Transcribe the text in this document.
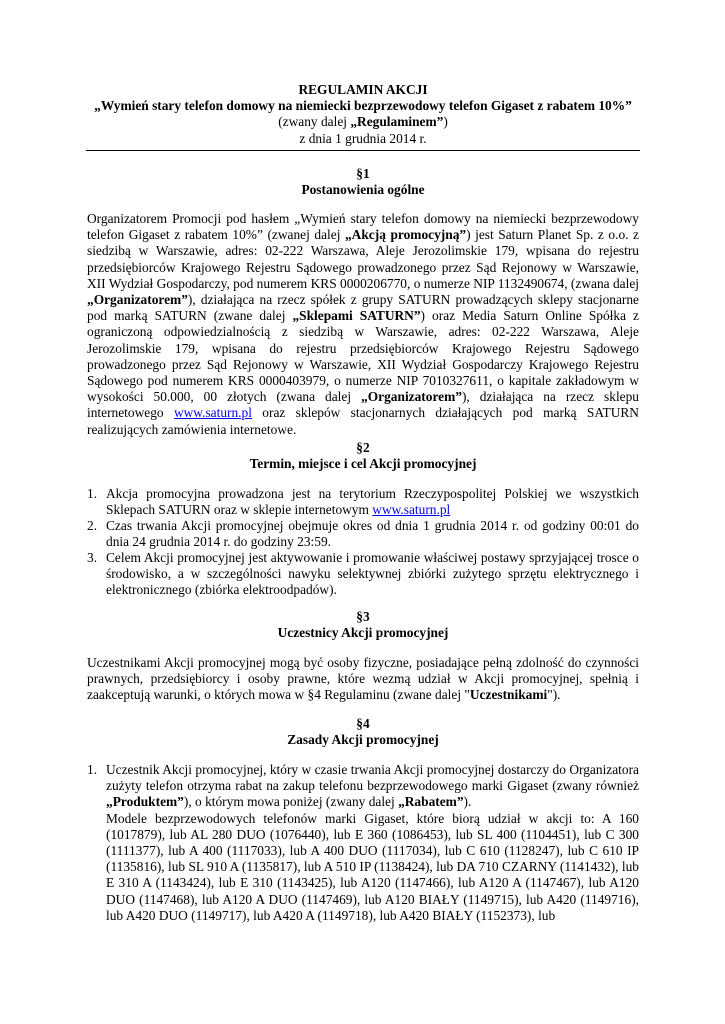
REGULAMIN AKCJI
„Wymień stary telefon domowy na niemiecki bezprzewodowy telefon Gigaset z rabatem 10%”
(zwany dalej „Regulaminem”)
z dnia 1 grudnia 2014 r.
§1
Postanowienia ogólne
Organizatorem Promocji pod hasłem „Wymień stary telefon domowy na niemiecki bezprzewodowy telefon Gigaset z rabatem 10%” (zwanej dalej „Akcją promocyjną”) jest Saturn Planet Sp. z o.o. z siedzibą w Warszawie, adres: 02-222 Warszawa, Aleje Jerozolimskie 179, wpisana do rejestru przedsiębiorców Krajowego Rejestru Sądowego prowadzonego przez Sąd Rejonowy w Warszawie, XII Wydział Gospodarczy, pod numerem KRS 0000206770, o numerze NIP 1132490674, (zwana dalej „Organizatorem”), działająca na rzecz spółek z grupy SATURN prowadzących sklepy stacjonarne pod marką SATURN (zwane dalej „Sklepami SATURN”) oraz Media Saturn Online Spółka z ograniczoną odpowiedzialnością z siedzibą w Warszawie, adres: 02-222 Warszawa, Aleje Jerozolimskie 179, wpisana do rejestru przedsiębiorców Krajowego Rejestru Sądowego prowadzonego przez Sąd Rejonowy w Warszawie, XII Wydział Gospodarczy Krajowego Rejestru Sądowego pod numerem KRS 0000403979, o numerze NIP 7010327611, o kapitale zakładowym w wysokości 50.000, 00 złotych (zwana dalej „Organizatorem”), działająca na rzecz sklepu internetowego www.saturn.pl oraz sklepów stacjonarnych działających pod marką SATURN realizujących zamówienia internetowe.
§2
Termin, miejsce i cel Akcji promocyjnej
1. Akcja promocyjna prowadzona jest na terytorium Rzeczypospolitej Polskiej we wszystkich Sklepach SATURN oraz w sklepie internetowym www.saturn.pl
2. Czas trwania Akcji promocyjnej obejmuje okres od dnia 1 grudnia 2014 r. od godziny 00:01 do dnia 24 grudnia 2014 r. do godziny 23:59.
3. Celem Akcji promocyjnej jest aktywowanie i promowanie właściwej postawy sprzyjającej trosce o środowisko, a w szczególności nawyku selektywnej zbiórki zużytego sprzętu elektrycznego i elektronicznego (zbiórka elektroodpadów).
§3
Uczestnicy Akcji promocyjnej
Uczestnikami Akcji promocyjnej mogą być osoby fizyczne, posiadające pełną zdolność do czynności prawnych, przedsiębiorcy i osoby prawne, które wezmą udział w Akcji promocyjnej, spełnią i zaakceptują warunki, o których mowa w §4 Regulaminu (zwane dalej "Uczestnikami").
§4
Zasady Akcji promocyjnej
1. Uczestnik Akcji promocyjnej, który w czasie trwania Akcji promocyjnej dostarczy do Organizatora zużyty telefon otrzyma rabat na zakup telefonu bezprzewodowego marki Gigaset (zwany również „Produktem”), o którym mowa poniżej (zwany dalej „Rabatem”).
Modele bezprzewodowych telefonów marki Gigaset, które biorą udział w akcji to: A 160 (1017879), lub AL 280 DUO (1076440), lub E 360 (1086453), lub SL 400 (1104451), lub C 300 (1111377), lub A 400 (1117033), lub A 400 DUO (1117034), lub C 610 (1128247), lub C 610 IP (1135816), lub SL 910 A (1135817), lub A 510 IP (1138424), lub DA 710 CZARNY (1141432), lub E 310 A (1143424), lub E 310 (1143425), lub A120 (1147466), lub A120 A (1147467), lub A120 DUO (1147468), lub A120 A DUO (1147469), lub A120 BIAŁY (1149715), lub A420 (1149716), lub A420 DUO (1149717), lub A420 A (1149718), lub A420 BIAŁY (1152373), lub
